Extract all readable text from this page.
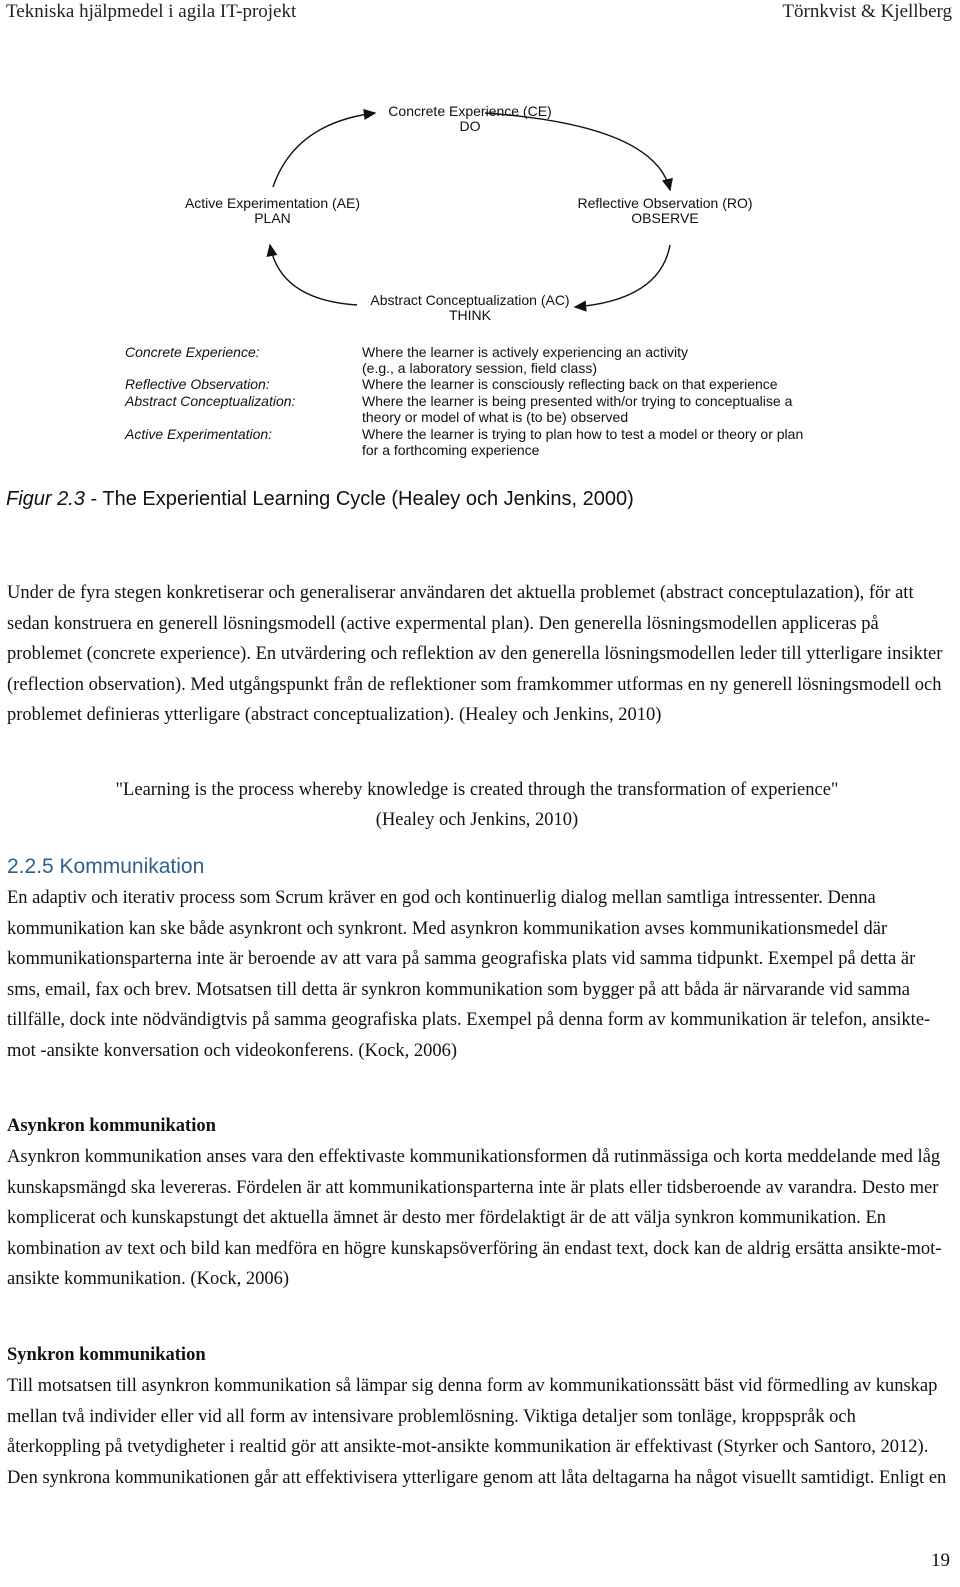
Tekniska hjälpmedel i agila IT-projekt	Törnkvist & Kjellberg
Concrete Experience (CE)
DO
Active Experimentation (AE)
PLAN
Reflective Observation (RO)
OBSERVE
Abstract Conceptualization (AC)
THINK
Concrete Experience:	Where the learner is actively experiencing an activity
(e.g., a laboratory session, field class)
Reflective Observation:	Where the learner is consciously reflecting back on that experience
Abstract Conceptualization:	Where the learner is being presented with/or trying to conceptualise a
theory or model of what is (to be) observed
Active Experimentation:	Where the learner is trying to plan how to test a model or theory or plan
for a forthcoming experience
Figur 2.3 - The Experiential Learning Cycle (Healey och Jenkins, 2000)

Under de fyra stegen konkretiserar och generaliserar användaren det aktuella problemet (abstract conceptulazation), för att sedan konstruera en generell lösningsmodell (active expermental plan). Den generella lösningsmodellen appliceras på problemet (concrete experience). En utvärdering och reflektion av den generella lösningsmodellen leder till ytterligare insikter (reflection observation). Med utgångspunkt från de reflektioner som framkommer utformas en ny generell lösningsmodell och problemet definieras ytterligare (abstract conceptualization). (Healey och Jenkins, 2010)

"Learning is the process whereby knowledge is created through the transformation of experience"

(Healey och Jenkins, 2010)

2.2.5 Kommunikation

En adaptiv och iterativ process som Scrum kräver en god och kontinuerlig dialog mellan samtliga intressenter. Denna kommunikation kan ske både asynkront och synkront. Med asynkron kommunikation avses kommunikationsmedel där kommunikationsparterna inte är beroende av att vara på samma geografiska plats vid samma tidpunkt. Exempel på detta är sms, email, fax och brev. Motsatsen till detta är synkron kommunikation som bygger på att båda är närvarande vid samma tillfälle, dock inte nödvändigtvis på samma geografiska plats. Exempel på denna form av kommunikation är telefon, ansikte-mot -ansikte konversation och videokonferens. (Kock, 2006)

Asynkron kommunikation

Asynkron kommunikation anses vara den effektivaste kommunikationsformen då rutinmässiga och korta meddelande med låg kunskapsmängd ska levereras. Fördelen är att kommunikationsparterna inte är plats eller tidsberoende av varandra. Desto mer komplicerat och kunskapstungt det aktuella ämnet är desto mer fördelaktigt är de att välja synkron kommunikation. En kombination av text och bild kan medföra en högre kunskapsöverföring än endast text, dock kan de aldrig ersätta ansikte-mot-ansikte kommunikation. (Kock, 2006)

Synkron kommunikation

Till motsatsen till asynkron kommunikation så lämpar sig denna form av kommunikationssätt bäst vid förmedling av kunskap mellan två individer eller vid all form av intensivare problemlösning. Viktiga detaljer som tonläge, kroppspråk och återkoppling på tvetydigheter i realtid gör att ansikte-mot-ansikte kommunikation är effektivast (Styrker och Santoro, 2012). Den synkrona kommunikationen går att effektivisera ytterligare genom att låta deltagarna ha något visuellt samtidigt. Enligt en

19
